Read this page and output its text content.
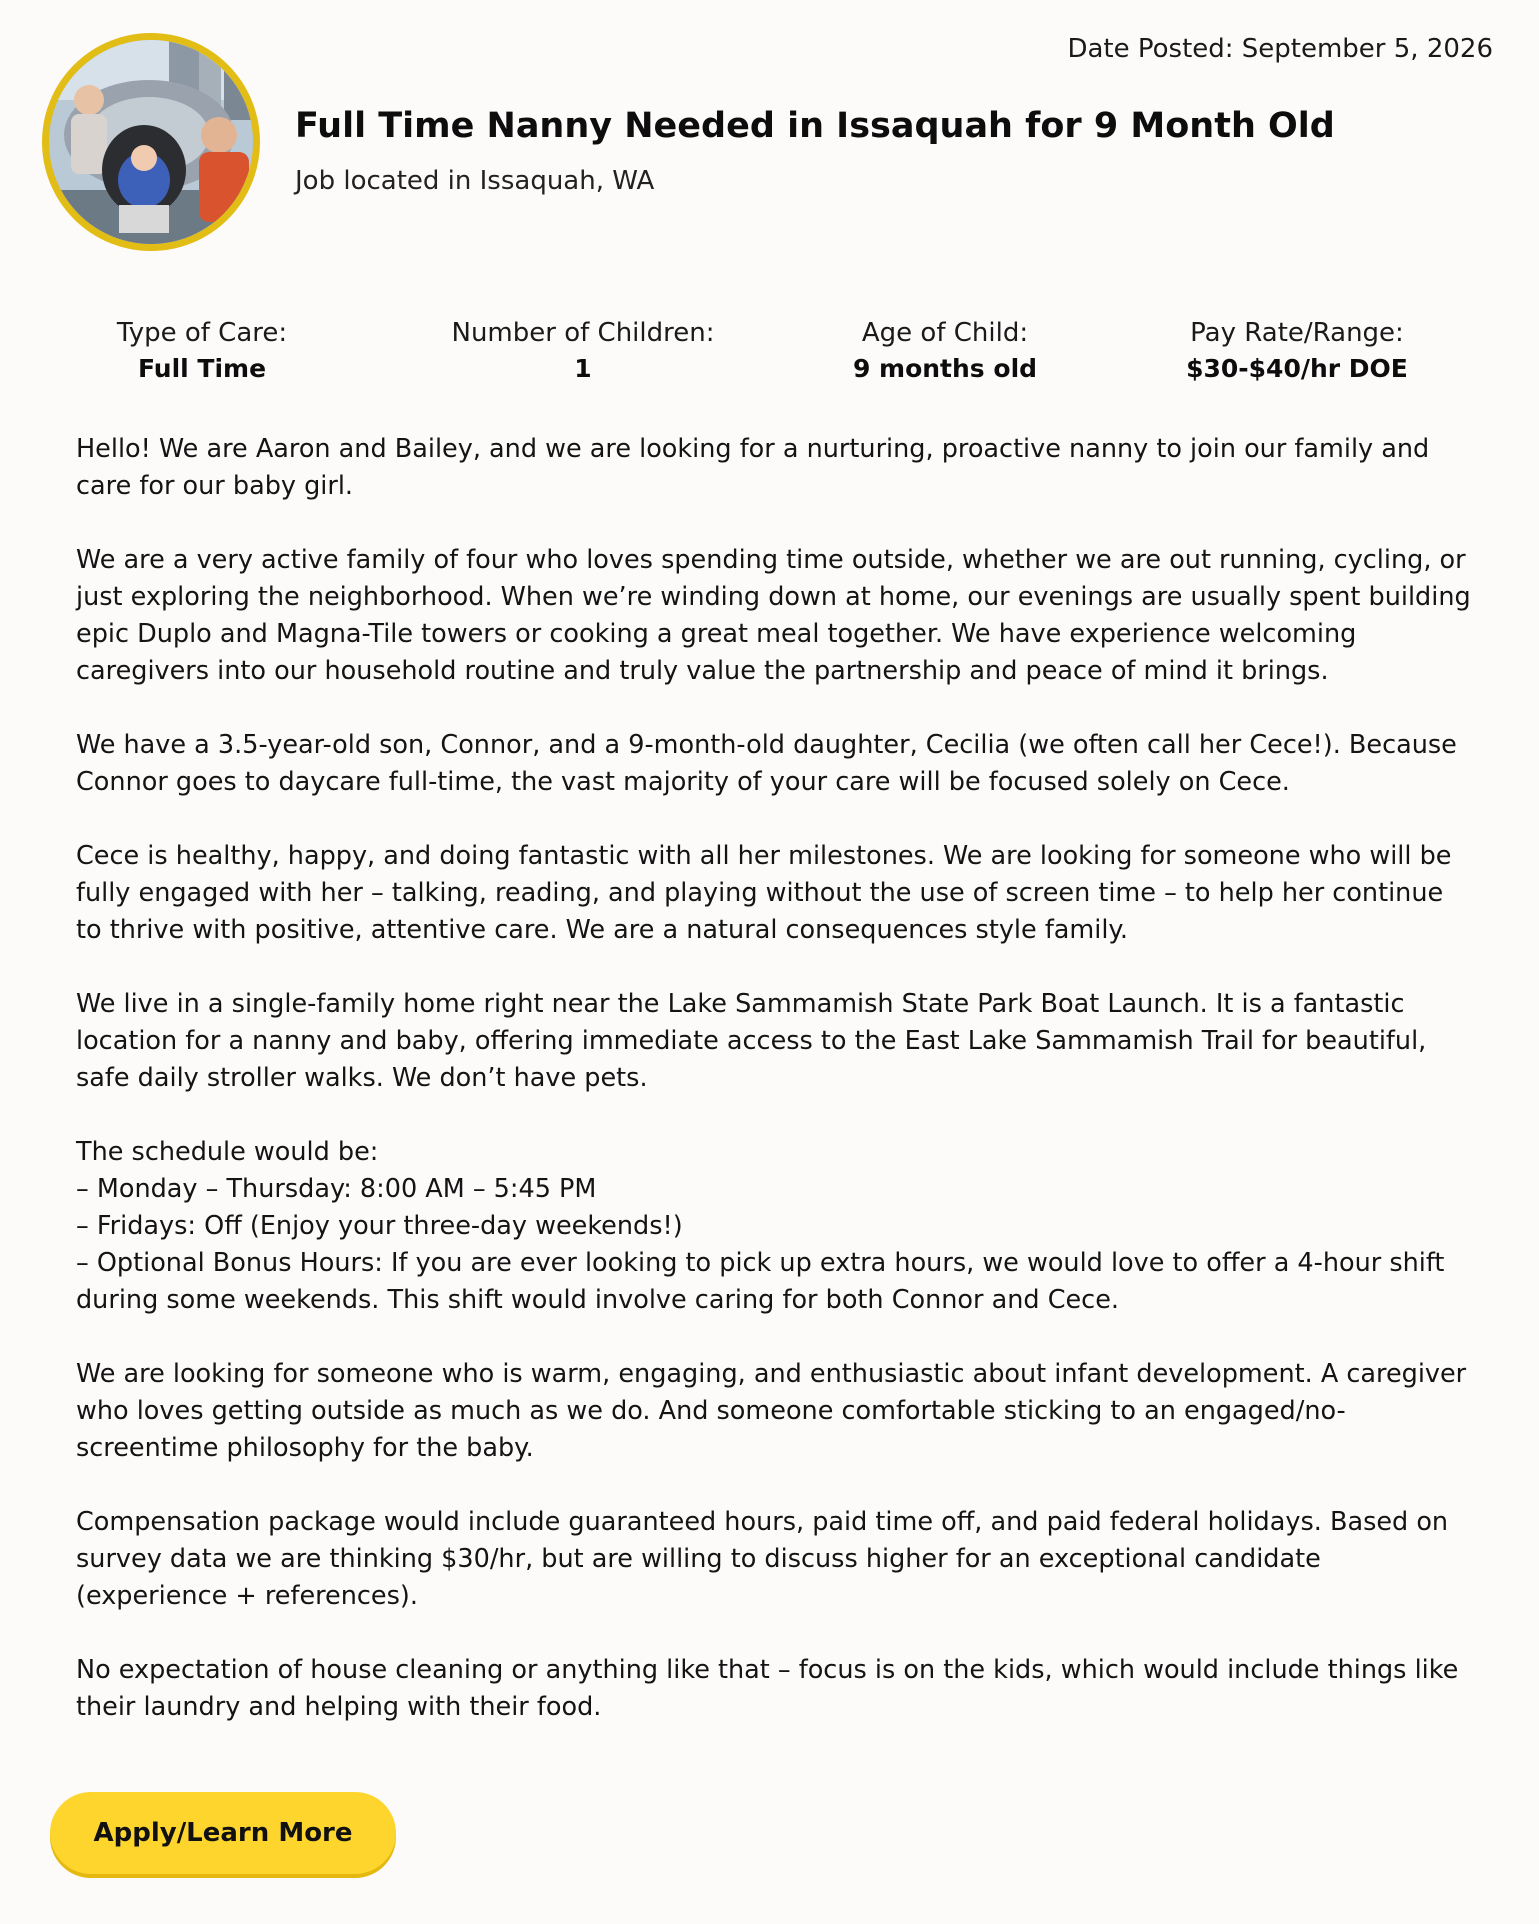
Date Posted: September 5, 2026
Full Time Nanny Needed in Issaquah for 9 Month Old
Job located in Issaquah, WA
Type of Care:
Full Time
Number of Children:
1
Age of Child:
9 months old
Pay Rate/Range:
$30-$40/hr DOE

Hello! We are Aaron and Bailey, and we are looking for a nurturing, proactive nanny to join our family and care for our baby girl.

We are a very active family of four who loves spending time outside, whether we are out running, cycling, or just exploring the neighborhood. When we’re winding down at home, our evenings are usually spent building epic Duplo and Magna-Tile towers or cooking a great meal together. We have experience welcoming caregivers into our household routine and truly value the partnership and peace of mind it brings.

We have a 3.5-year-old son, Connor, and a 9-month-old daughter, Cecilia (we often call her Cece!). Because Connor goes to daycare full-time, the vast majority of your care will be focused solely on Cece.

Cece is healthy, happy, and doing fantastic with all her milestones. We are looking for someone who will be fully engaged with her – talking, reading, and playing without the use of screen time – to help her continue to thrive with positive, attentive care. We are a natural consequences style family.

We live in a single-family home right near the Lake Sammamish State Park Boat Launch. It is a fantastic location for a nanny and baby, offering immediate access to the East Lake Sammamish Trail for beautiful, safe daily stroller walks. We don’t have pets.

The schedule would be:
– Monday – Thursday: 8:00 AM – 5:45 PM
– Fridays: Off (Enjoy your three-day weekends!)
– Optional Bonus Hours: If you are ever looking to pick up extra hours, we would love to offer a 4-hour shift during some weekends. This shift would involve caring for both Connor and Cece.

We are looking for someone who is warm, engaging, and enthusiastic about infant development. A caregiver who loves getting outside as much as we do. And someone comfortable sticking to an engaged/no-screentime philosophy for the baby.

Compensation package would include guaranteed hours, paid time off, and paid federal holidays. Based on survey data we are thinking $30/hr, but are willing to discuss higher for an exceptional candidate (experience + references).

No expectation of house cleaning or anything like that – focus is on the kids, which would include things like their laundry and helping with their food.

Apply/Learn More
